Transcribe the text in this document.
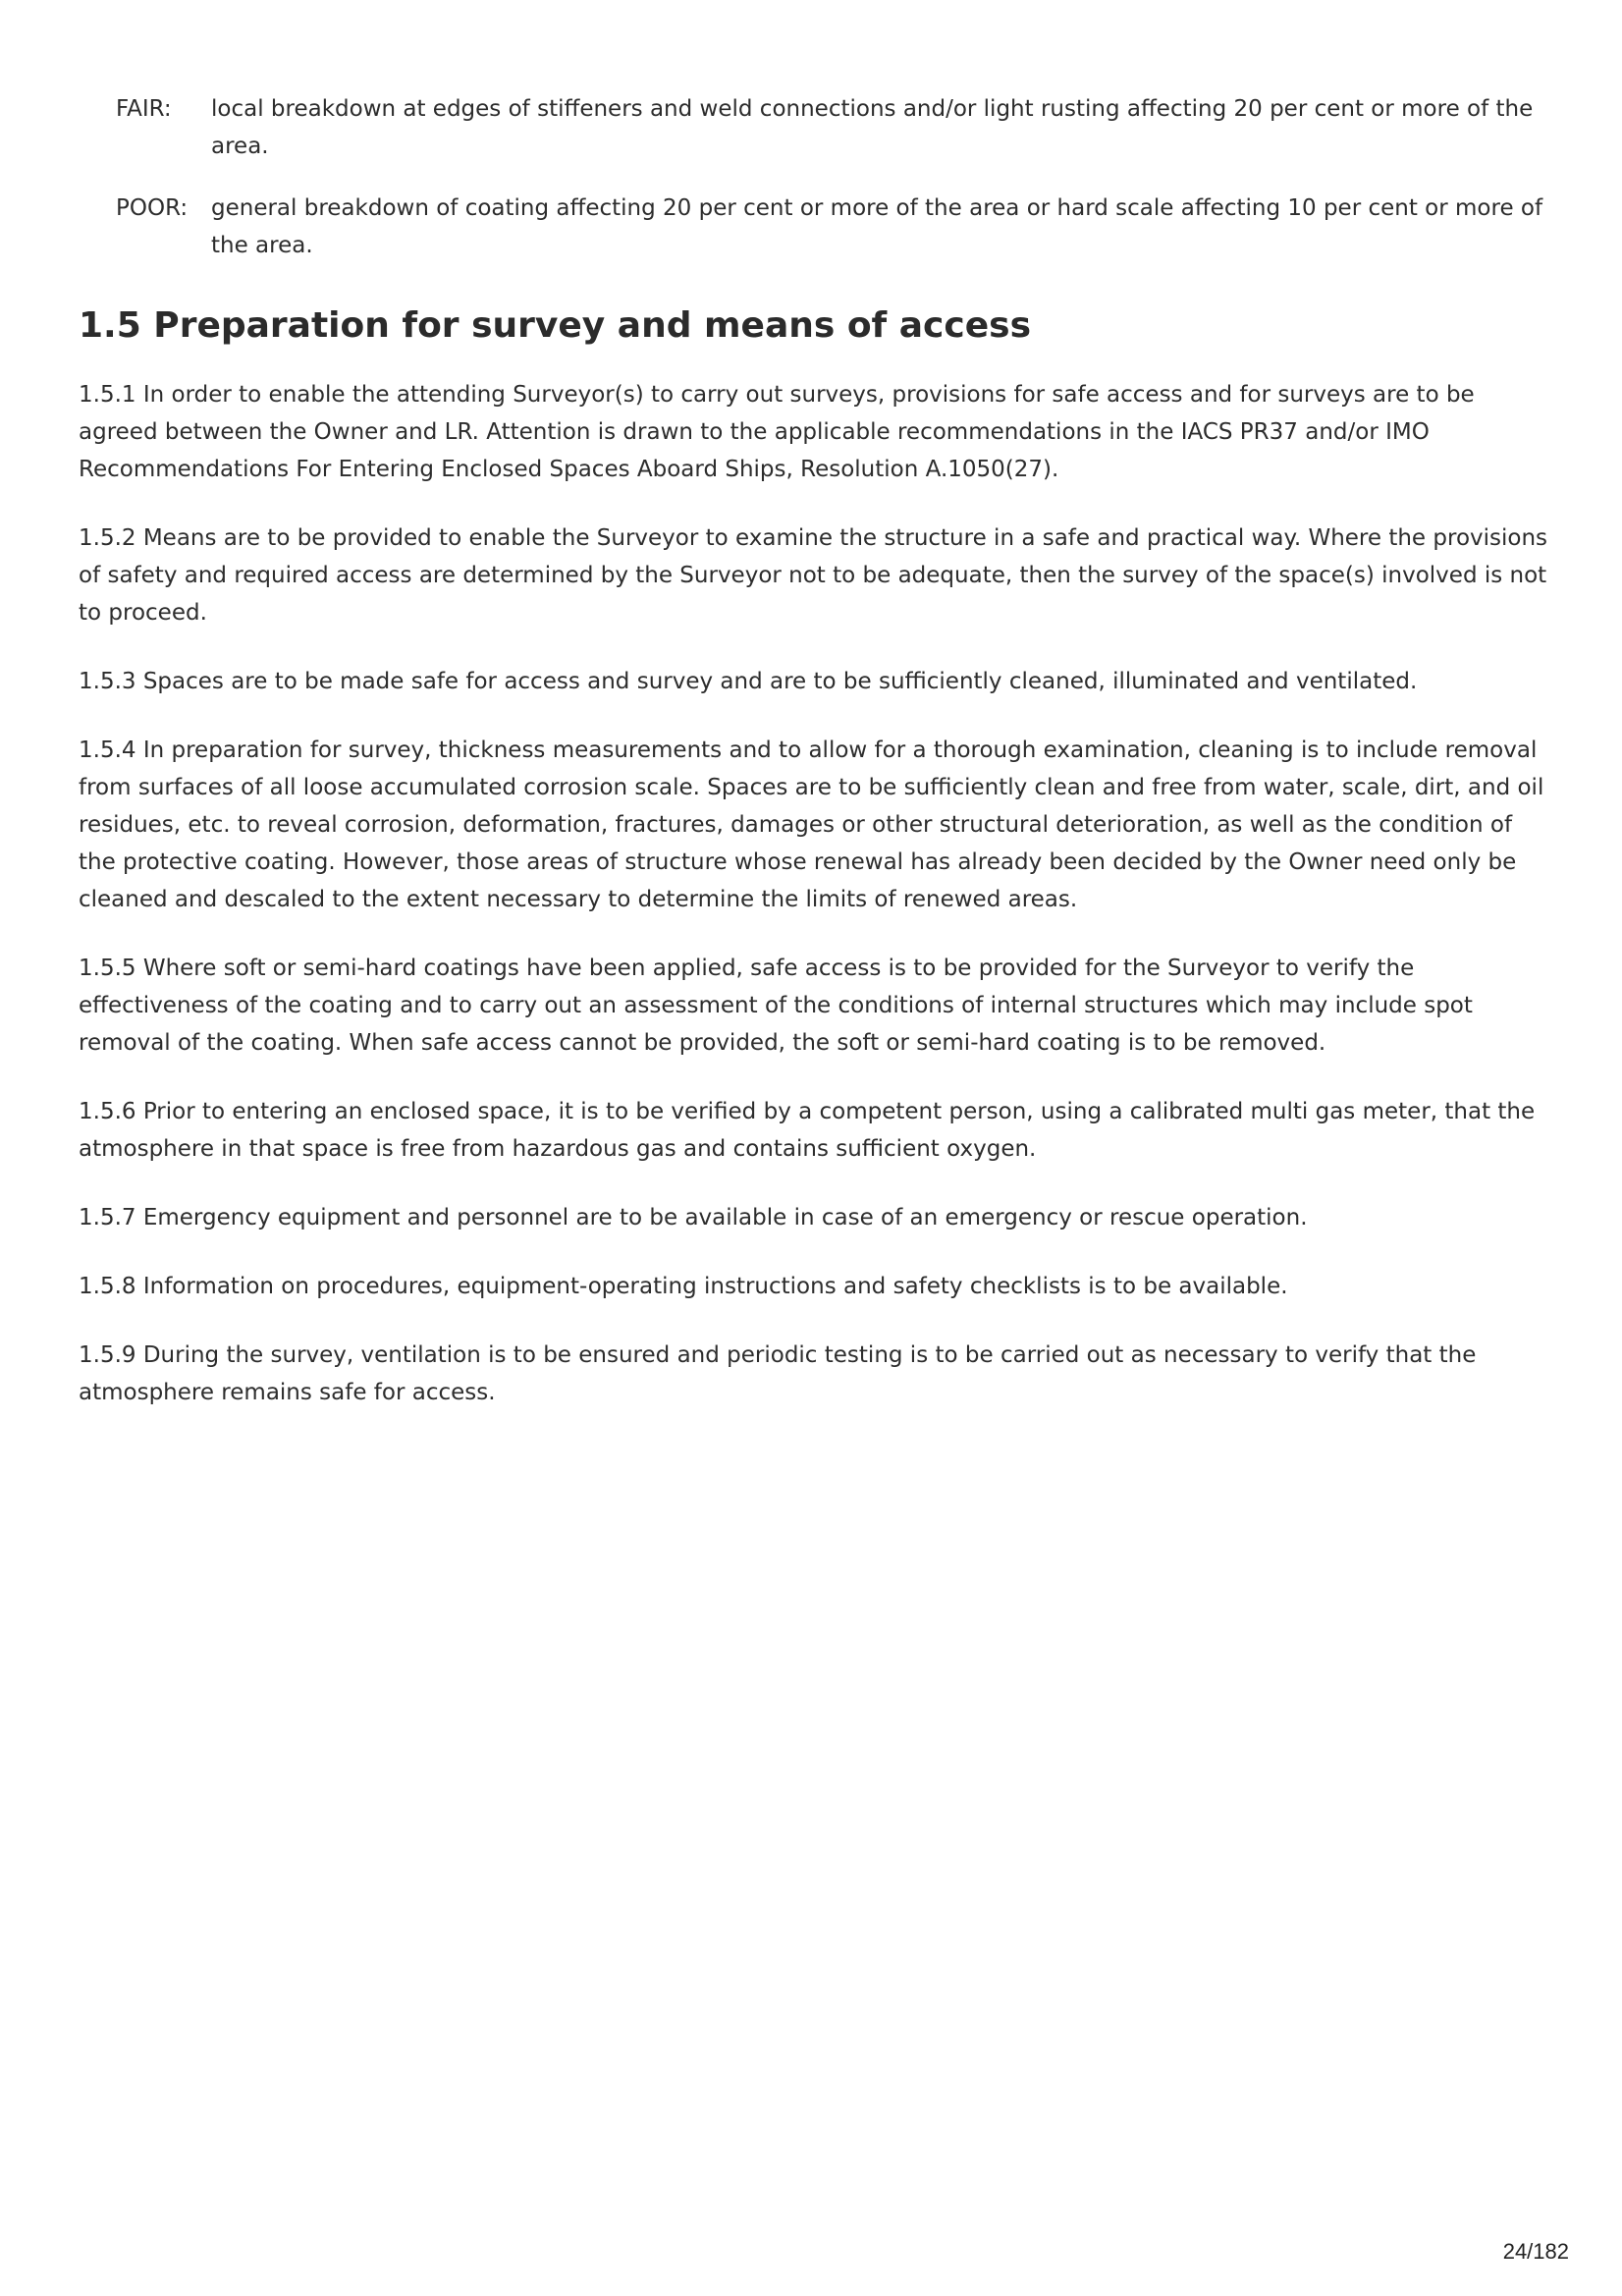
FAIR:	local breakdown at edges of stiffeners and weld connections and/or light rusting affecting 20 per cent or more of the area.
POOR:	general breakdown of coating affecting 20 per cent or more of the area or hard scale affecting 10 per cent or more of the area.
1.5 Preparation for survey and means of access

1.5.1 In order to enable the attending Surveyor(s) to carry out surveys, provisions for safe access and for surveys are to be agreed between the Owner and LR. Attention is drawn to the applicable recommendations in the IACS PR37 and/or IMO Recommendations For Entering Enclosed Spaces Aboard Ships, Resolution A.1050(27).

1.5.2 Means are to be provided to enable the Surveyor to examine the structure in a safe and practical way. Where the provisions of safety and required access are determined by the Surveyor not to be adequate, then the survey of the space(s) involved is not to proceed.

1.5.3 Spaces are to be made safe for access and survey and are to be sufficiently cleaned, illuminated and ventilated.

1.5.4 In preparation for survey, thickness measurements and to allow for a thorough examination, cleaning is to include removal from surfaces of all loose accumulated corrosion scale. Spaces are to be sufficiently clean and free from water, scale, dirt, and oil residues, etc. to reveal corrosion, deformation, fractures, damages or other structural deterioration, as well as the condition of the protective coating. However, those areas of structure whose renewal has already been decided by the Owner need only be cleaned and descaled to the extent necessary to determine the limits of renewed areas.

1.5.5 Where soft or semi-hard coatings have been applied, safe access is to be provided for the Surveyor to verify the effectiveness of the coating and to carry out an assessment of the conditions of internal structures which may include spot removal of the coating. When safe access cannot be provided, the soft or semi-hard coating is to be removed.

1.5.6 Prior to entering an enclosed space, it is to be verified by a competent person, using a calibrated multi gas meter, that the atmosphere in that space is free from hazardous gas and contains sufficient oxygen.

1.5.7 Emergency equipment and personnel are to be available in case of an emergency or rescue operation.

1.5.8 Information on procedures, equipment-operating instructions and safety checklists is to be available.

1.5.9 During the survey, ventilation is to be ensured and periodic testing is to be carried out as necessary to verify that the atmosphere remains safe for access.

24/182
